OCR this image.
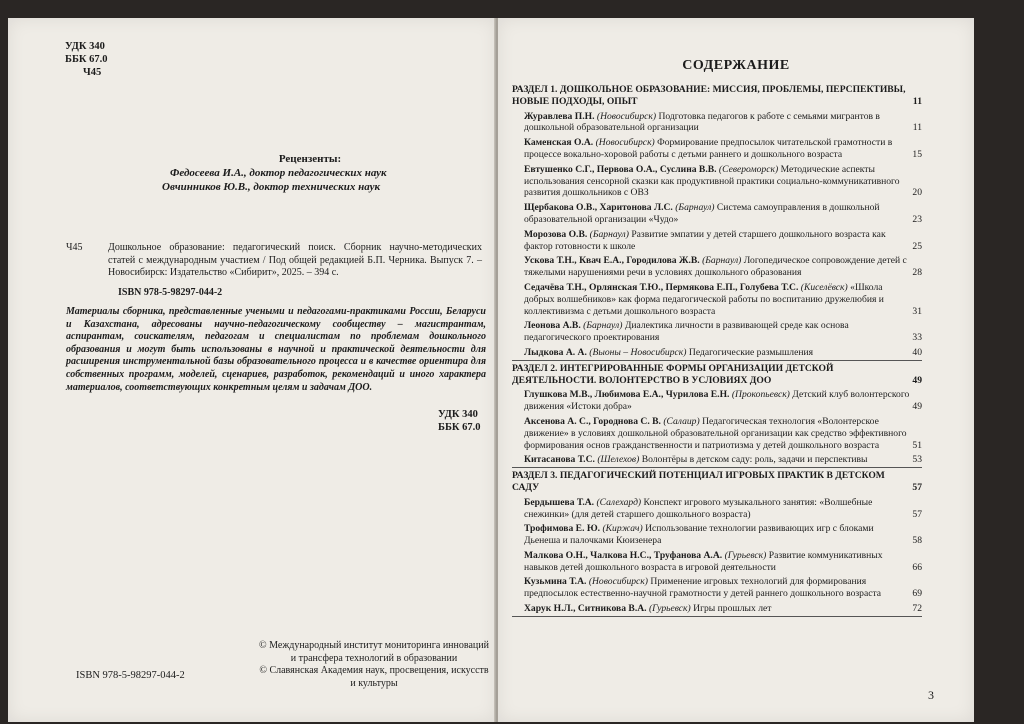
УДК 340
ББК 67.0
Ч45
Рецензенты:
Федосеева И.А., доктор педагогических наук
Овчинников Ю.В., доктор технических наук
Ч45	Дошкольное образование: педагогический поиск. Сборник научно-методических статей с международным участием / Под общей редакцией Б.П. Черника. Выпуск 7. – Новосибирск: Издательство «Сибирит», 2025. – 394 с.
ISBN 978-5-98297-044-2
Материалы сборника, представленные учеными и педагогами-практиками России, Беларуси и Казахстана, адресованы научно-педагогическому сообществу – магистрантам, аспирантам, соискателям, педагогам и специалистам по проблемам дошкольного образования и могут быть использованы в научной и практической деятельности для расширения инструментальной базы образовательного процесса и в качестве ориентира для собственных программ, моделей, сценариев, разработок, рекомендаций и иного характера материалов, соответствующих конкретным целям и задачам ДОО.
УДК 340
ББК 67.0
© Международный институт мониторинга инноваций и трансфера технологий в образовании
© Славянская Академия наук, просвещения, искусств и культуры
ISBN 978-5-98297-044-2
СОДЕРЖАНИЕ
РАЗДЕЛ 1. ДОШКОЛЬНОЕ ОБРАЗОВАНИЕ: МИССИЯ, ПРОБЛЕМЫ, ПЕРСПЕКТИВЫ, НОВЫЕ ПОДХОДЫ, ОПЫТ	11
Журавлева П.Н. (Новосибирск) Подготовка педагогов к работе с семьями мигрантов в дошкольной образовательной организации	11
Каменская О.А. (Новосибирск) Формирование предпосылок читательской грамотности в процессе вокально-хоровой работы с детьми раннего и дошкольного возраста	15
Евтушенко С.Г., Первова О.А., Суслина В.В. (Североморск) Методические аспекты использования сенсорной сказки как продуктивной практики социально-коммуникативного развития дошкольников с ОВЗ	20
Щербакова О.В., Харитонова Л.С. (Барнаул) Система самоуправления в дошкольной образовательной организации «Чудо»	23
Морозова О.В. (Барнаул) Развитие эмпатии у детей старшего дошкольного возраста как фактор готовности к школе	25
Ускова Т.Н., Квач Е.А., Городилова Ж.В. (Барнаул) Логопедическое сопровождение детей с тяжелыми нарушениями речи в условиях дошкольного образования	28
Седачёва Т.Н., Орлянская Т.Ю., Пермякова Е.П., Голубева Т.С. (Киселёвск) «Школа добрых волшебников» как форма педагогической работы по воспитанию дружелюбия и коллективизма с детьми дошкольного возраста	31
Леонова А.В. (Барнаул) Диалектика личности в развивающей среде как основа педагогического проектирования	33
Лыдкова А. А. (Выоны – Новосибирск) Педагогические размышления	40
РАЗДЕЛ 2. ИНТЕГРИРОВАННЫЕ ФОРМЫ ОРГАНИЗАЦИИ ДЕТСКОЙ ДЕЯТЕЛЬНОСТИ. ВОЛОНТЕРСТВО В УСЛОВИЯХ ДОО	49
Глушкова М.В., Любимова Е.А., Чурилова Е.Н. (Прокопьевск) Детский клуб волонтерского движения «Истоки добра»	49
Аксенова А. С., Городнова С. В. (Салаир) Педагогическая технология «Волонтерское движение» в условиях дошкольной образовательной организации как средство эффективного формирования основ гражданственности и патриотизма у детей дошкольного возраста	51
Китасанова Т.С. (Шелехов) Волонтёры в детском саду: роль, задачи и перспективы	53
РАЗДЕЛ 3. ПЕДАГОГИЧЕСКИЙ ПОТЕНЦИАЛ ИГРОВЫХ ПРАКТИК В ДЕТСКОМ САДУ	57
Бердышева Т.А. (Салехард) Конспект игрового музыкального занятия: «Волшебные снежинки» (для детей старшего дошкольного возраста)	57
Трофимова Е. Ю. (Киржач) Использование технологии развивающих игр с блоками Дьенеша и палочками Кюизенера	58
Малкова О.Н., Чалкова Н.С., Труфанова А.А. (Гурьевск) Развитие коммуникативных навыков детей дошкольного возраста в игровой деятельности	66
Кузьмина Т.А. (Новосибирск) Применение игровых технологий для формирования предпосылок естественно-научной грамотности у детей раннего дошкольного возраста	69
Харук Н.Л., Ситникова В.А. (Гурьевск) Игры прошлых лет	72
3
